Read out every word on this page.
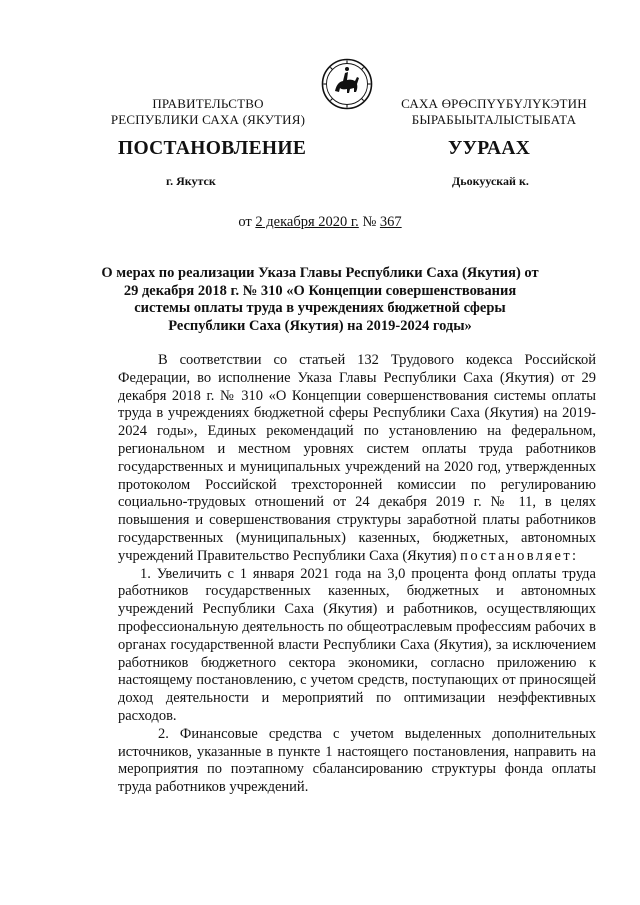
ПРАВИТЕЛЬСТВО
РЕСПУБЛИКИ САХА (ЯКУТИЯ)
САХА ӨРӨСПҮҮБҮЛҮКЭТИН
БЫРАБЫЫТАЛЫСТЫБАТА
ПОСТАНОВЛЕНИЕ	УУРААХ
г. Якутск	Дьокуускай к.
от 2 декабря 2020 г. № 367
О мерах по реализации Указа Главы Республики Саха (Якутия) от 29 декабря 2018 г. № 310 «О Концепции совершенствования системы оплаты труда в учреждениях бюджетной сферы Республики Саха (Якутия) на 2019-2024 годы»

В соответствии со статьей 132 Трудового кодекса Российской Федерации, во исполнение Указа Главы Республики Саха (Якутия) от 29 декабря 2018 г. № 310 «О Концепции совершенствования системы оплаты труда в учреждениях бюджетной сферы Республики Саха (Якутия) на 2019-2024 годы», Единых рекомендаций по установлению на федеральном, региональном и местном уровнях систем оплаты труда работников государственных и муниципальных учреждений на 2020 год, утвержденных протоколом Российской трехсторонней комиссии по регулированию социально-трудовых отношений от 24 декабря 2019 г. № 11, в целях повышения и совершенствования структуры заработной платы работников государственных (муниципальных) казенных, бюджетных, автономных учреждений Правительство Республики Саха (Якутия) постановляет:

1. Увеличить с 1 января 2021 года на 3,0 процента фонд оплаты труда работников государственных казенных, бюджетных и автономных учреждений Республики Саха (Якутия) и работников, осуществляющих профессиональную деятельность по общеотраслевым профессиям рабочих в органах государственной власти Республики Саха (Якутия), за исключением работников бюджетного сектора экономики, согласно приложению к настоящему постановлению, с учетом средств, поступающих от приносящей доход деятельности и мероприятий по оптимизации неэффективных расходов.

2. Финансовые средства с учетом выделенных дополнительных источников, указанные в пункте 1 настоящего постановления, направить на мероприятия по поэтапному сбалансированию структуры фонда оплаты труда работников учреждений.
